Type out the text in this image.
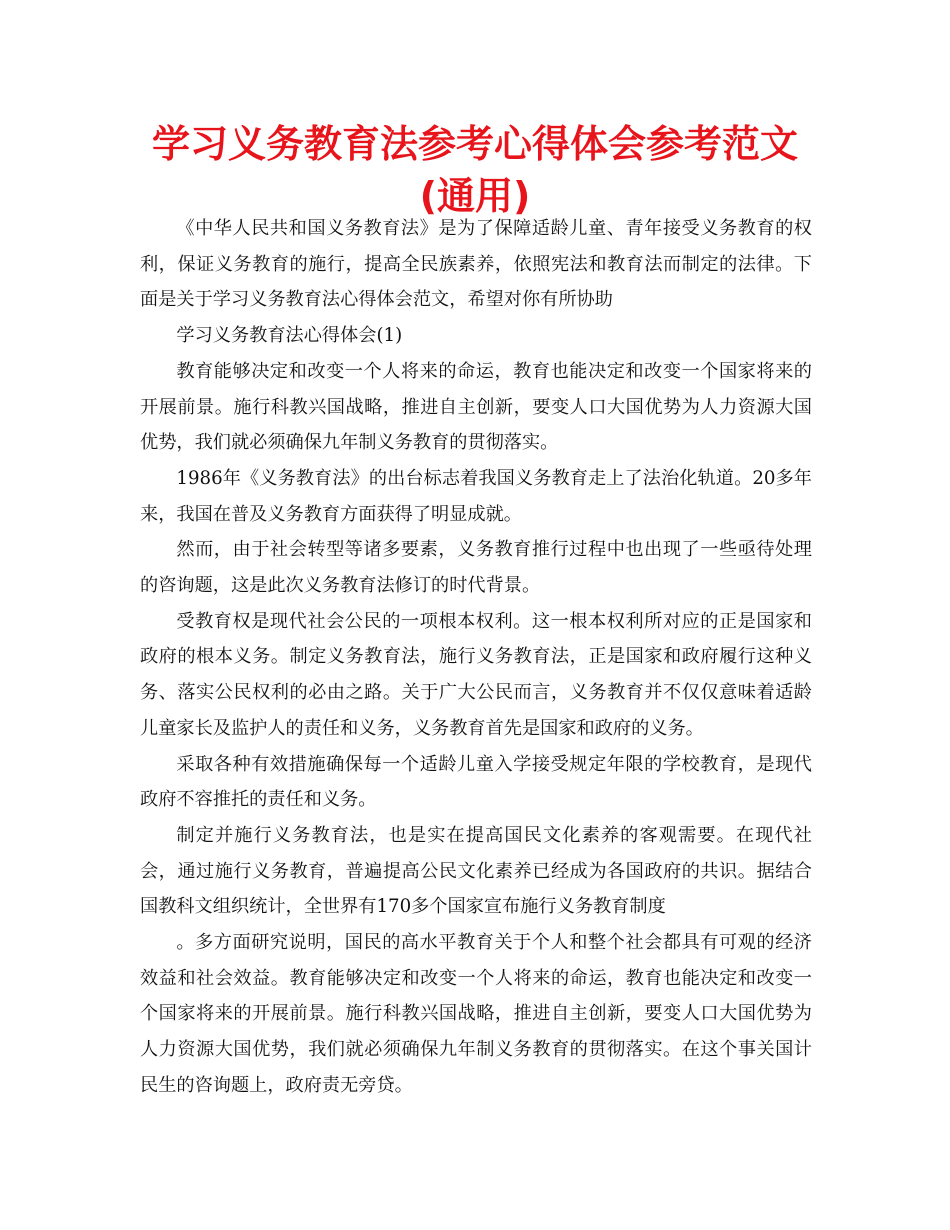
学习义务教育法参考心得体会参考范文(通用)

《中华人民共和国义务教育法》是为了保障适龄儿童、青年接受义务教育的权利，保证义务教育的施行，提高全民族素养，依照宪法和教育法而制定的法律。下面是关于学习义务教育法心得体会范文，希望对你有所协助

学习义务教育法心得体会(1)

教育能够决定和改变一个人将来的命运，教育也能决定和改变一个国家将来的开展前景。施行科教兴国战略，推进自主创新，要变人口大国优势为人力资源大国优势，我们就必须确保九年制义务教育的贯彻落实。

1986年《义务教育法》的出台标志着我国义务教育走上了法治化轨道。20多年来，我国在普及义务教育方面获得了明显成就。

然而，由于社会转型等诸多要素，义务教育推行过程中也出现了一些亟待处理的咨询题，这是此次义务教育法修订的时代背景。

受教育权是现代社会公民的一项根本权利。这一根本权利所对应的正是国家和政府的根本义务。制定义务教育法，施行义务教育法，正是国家和政府履行这种义务、落实公民权利的必由之路。关于广大公民而言，义务教育并不仅仅意味着适龄儿童家长及监护人的责任和义务，义务教育首先是国家和政府的义务。

采取各种有效措施确保每一个适龄儿童入学接受规定年限的学校教育，是现代政府不容推托的责任和义务。

制定并施行义务教育法，也是实在提高国民文化素养的客观需要。在现代社会，通过施行义务教育，普遍提高公民文化素养已经成为各国政府的共识。据结合国教科文组织统计，全世界有170多个国家宣布施行义务教育制度

。多方面研究说明，国民的高水平教育关于个人和整个社会都具有可观的经济效益和社会效益。教育能够决定和改变一个人将来的命运，教育也能决定和改变一个国家将来的开展前景。施行科教兴国战略，推进自主创新，要变人口大国优势为人力资源大国优势，我们就必须确保九年制义务教育的贯彻落实。在这个事关国计民生的咨询题上，政府责无旁贷。
